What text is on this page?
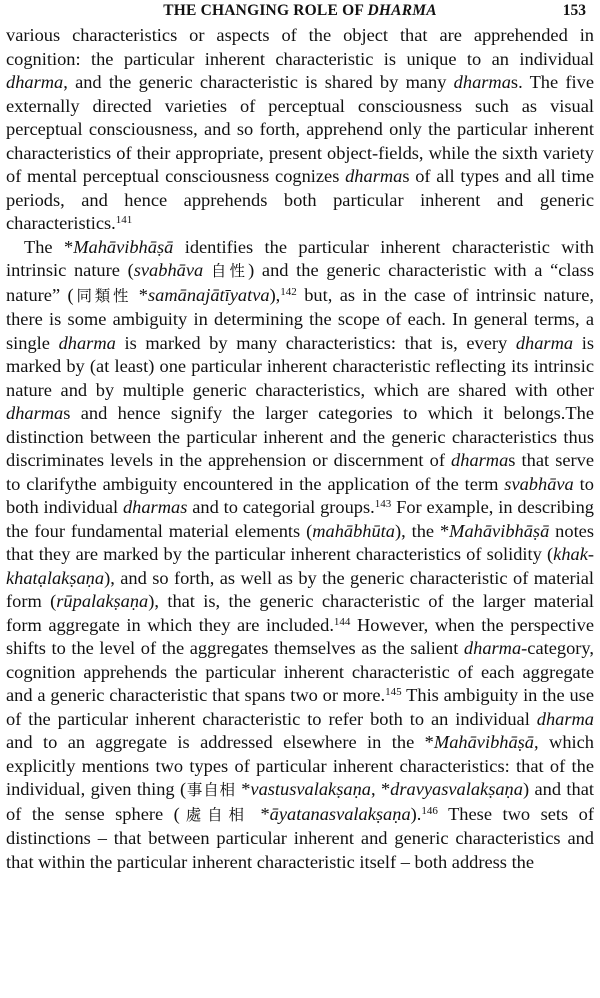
THE CHANGING ROLE OF DHARMA	153

various characteristics or aspects of the object that are apprehended in cognition: the particular inherent characteristic is unique to an individual dharma, and the generic characteristic is shared by many dharmas. The five externally directed varieties of perceptual consciousness such as visual perceptual consciousness, and so forth, apprehend only the particular inherent characteristics of their appropriate, present object-fields, while the sixth variety of mental perceptual consciousness cognizes dharmas of all types and all time periods, and hence apprehends both particular inherent and generic characteristics.$^{141}$

The *Mahāvibhāṣā identifies the particular inherent characteristic with intrinsic nature (svabhāva 自性) and the generic characteristic with a “class nature” (同類性 *samānajātīyatva),$^{142}$ but, as in the case of intrinsic nature, there is some ambiguity in determining the scope of each. In general terms, a single dharma is marked by many characteristics: that is, every dharma is marked by (at least) one particular inherent characteristic reflecting its intrinsic nature and by multiple generic characteristics, which are shared with other dharmas and hence signify the larger categories to which it belongs.The distinction between the particular inherent and the generic characteristics thus discriminates levels in the apprehension or discernment of dharmas that serve to clarifythe ambiguity encountered in the application of the term svabhāva to both individual dharmas and to categorial groups.$^{143}$ For example, in describing the four fundamental material elements (mahābhūta), the *Mahāvibhāṣā notes that they are marked by the particular inherent characteristics of solidity (khakkhatạlakṣaṇa), and so forth, as well as by the generic characteristic of material form (rūpalakṣaṇa), that is, the generic characteristic of the larger material form aggregate in which they are included.$^{144}$ However, when the perspective shifts to the level of the aggregates themselves as the salient dharma-category, cognition apprehends the particular inherent characteristic of each aggregate and a generic characteristic that spans two or more.$^{145}$ This ambiguity in the use of the particular inherent characteristic to refer both to an individual dharma and to an aggregate is addressed elsewhere in the *Mahāvibhāṣā, which explicitly mentions two types of particular inherent characteristics: that of the individual, given thing (事自相 *vastusvalakṣaṇa, *dravyasvalakṣaṇa) and that of the sense sphere (處自相 *āyatanasvalakṣaṇa).$^{146}$ These two sets of distinctions – that between particular inherent and generic characteristics and that within the particular inherent characteristic itself – both address the
